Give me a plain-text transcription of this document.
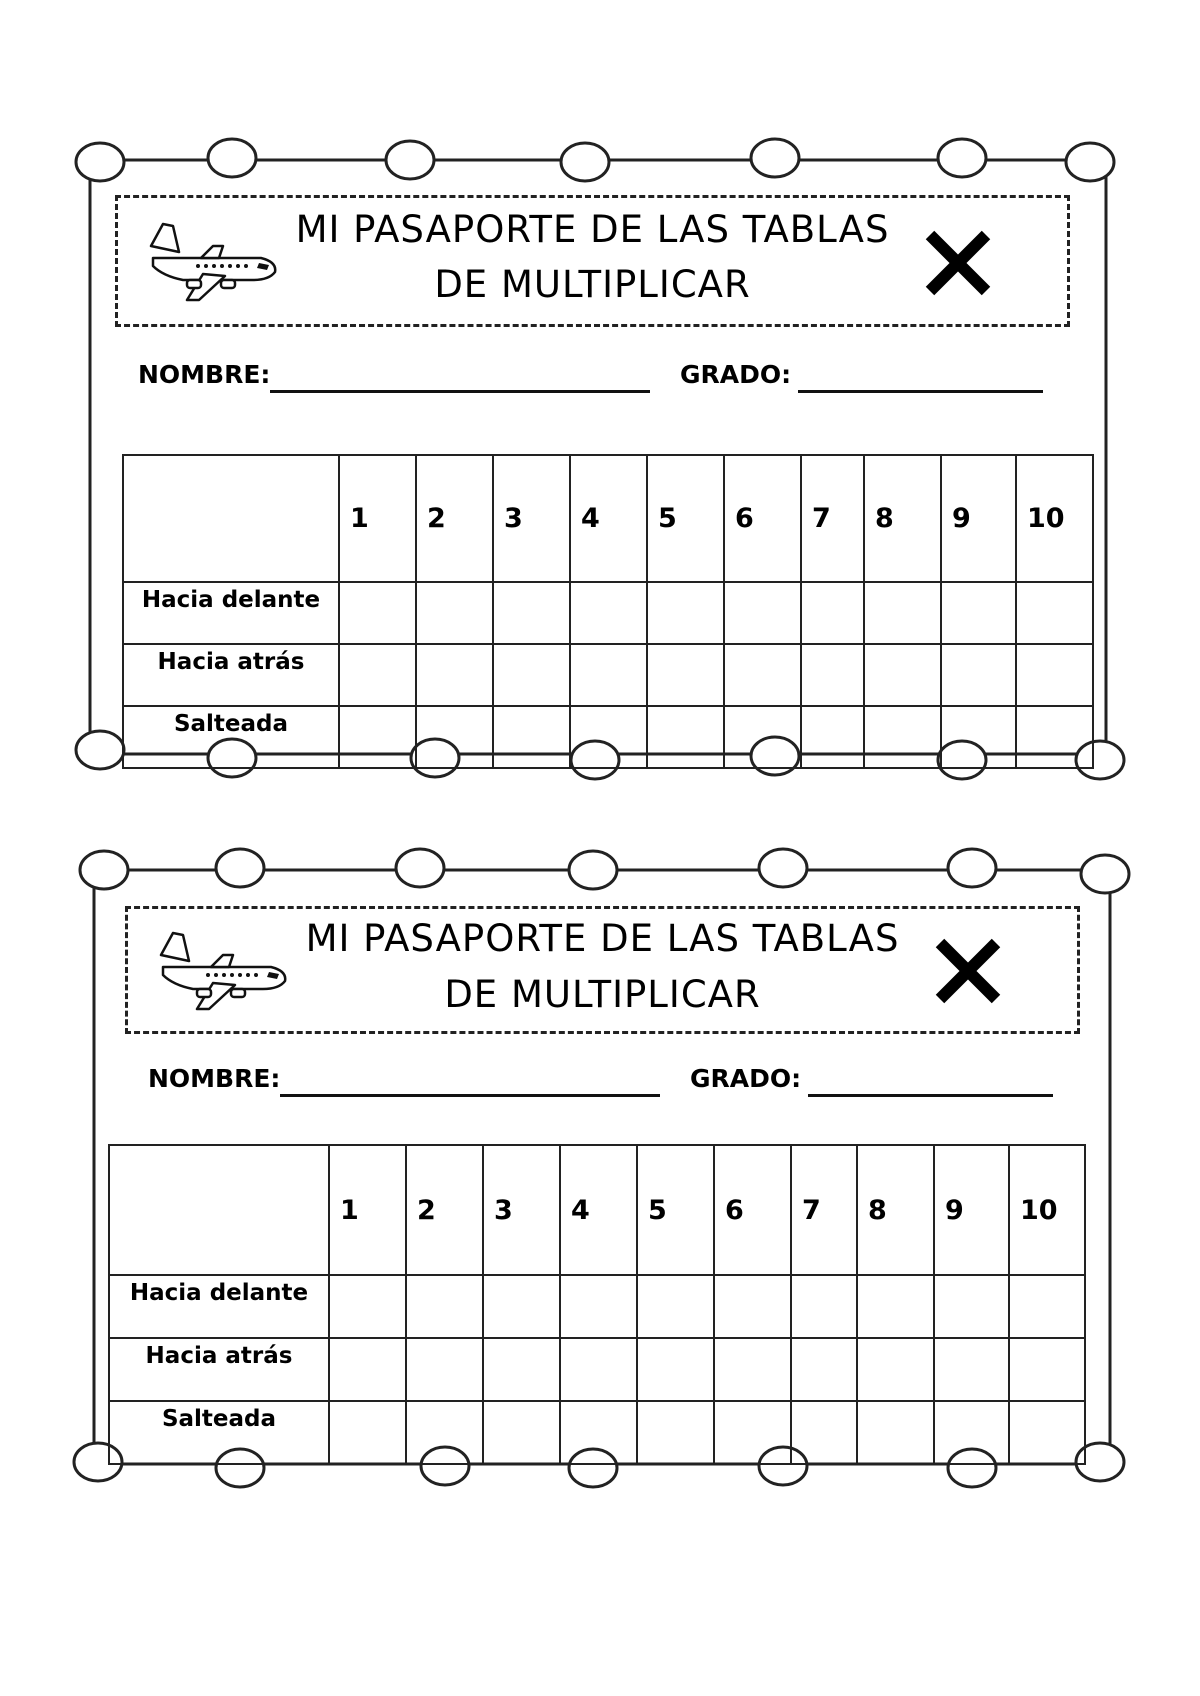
MI PASAPORTE DE LAS TABLAS
DE MULTIPLICAR
NOMBRE:	GRADO:
	1	2	3	4	5	6	7	8	9	10
Hacia delante										
Hacia atrás										
Salteada										
MI PASAPORTE DE LAS TABLAS
DE MULTIPLICAR
NOMBRE:	GRADO:
	1	2	3	4	5	6	7	8	9	10
Hacia delante										
Hacia atrás										
Salteada										
